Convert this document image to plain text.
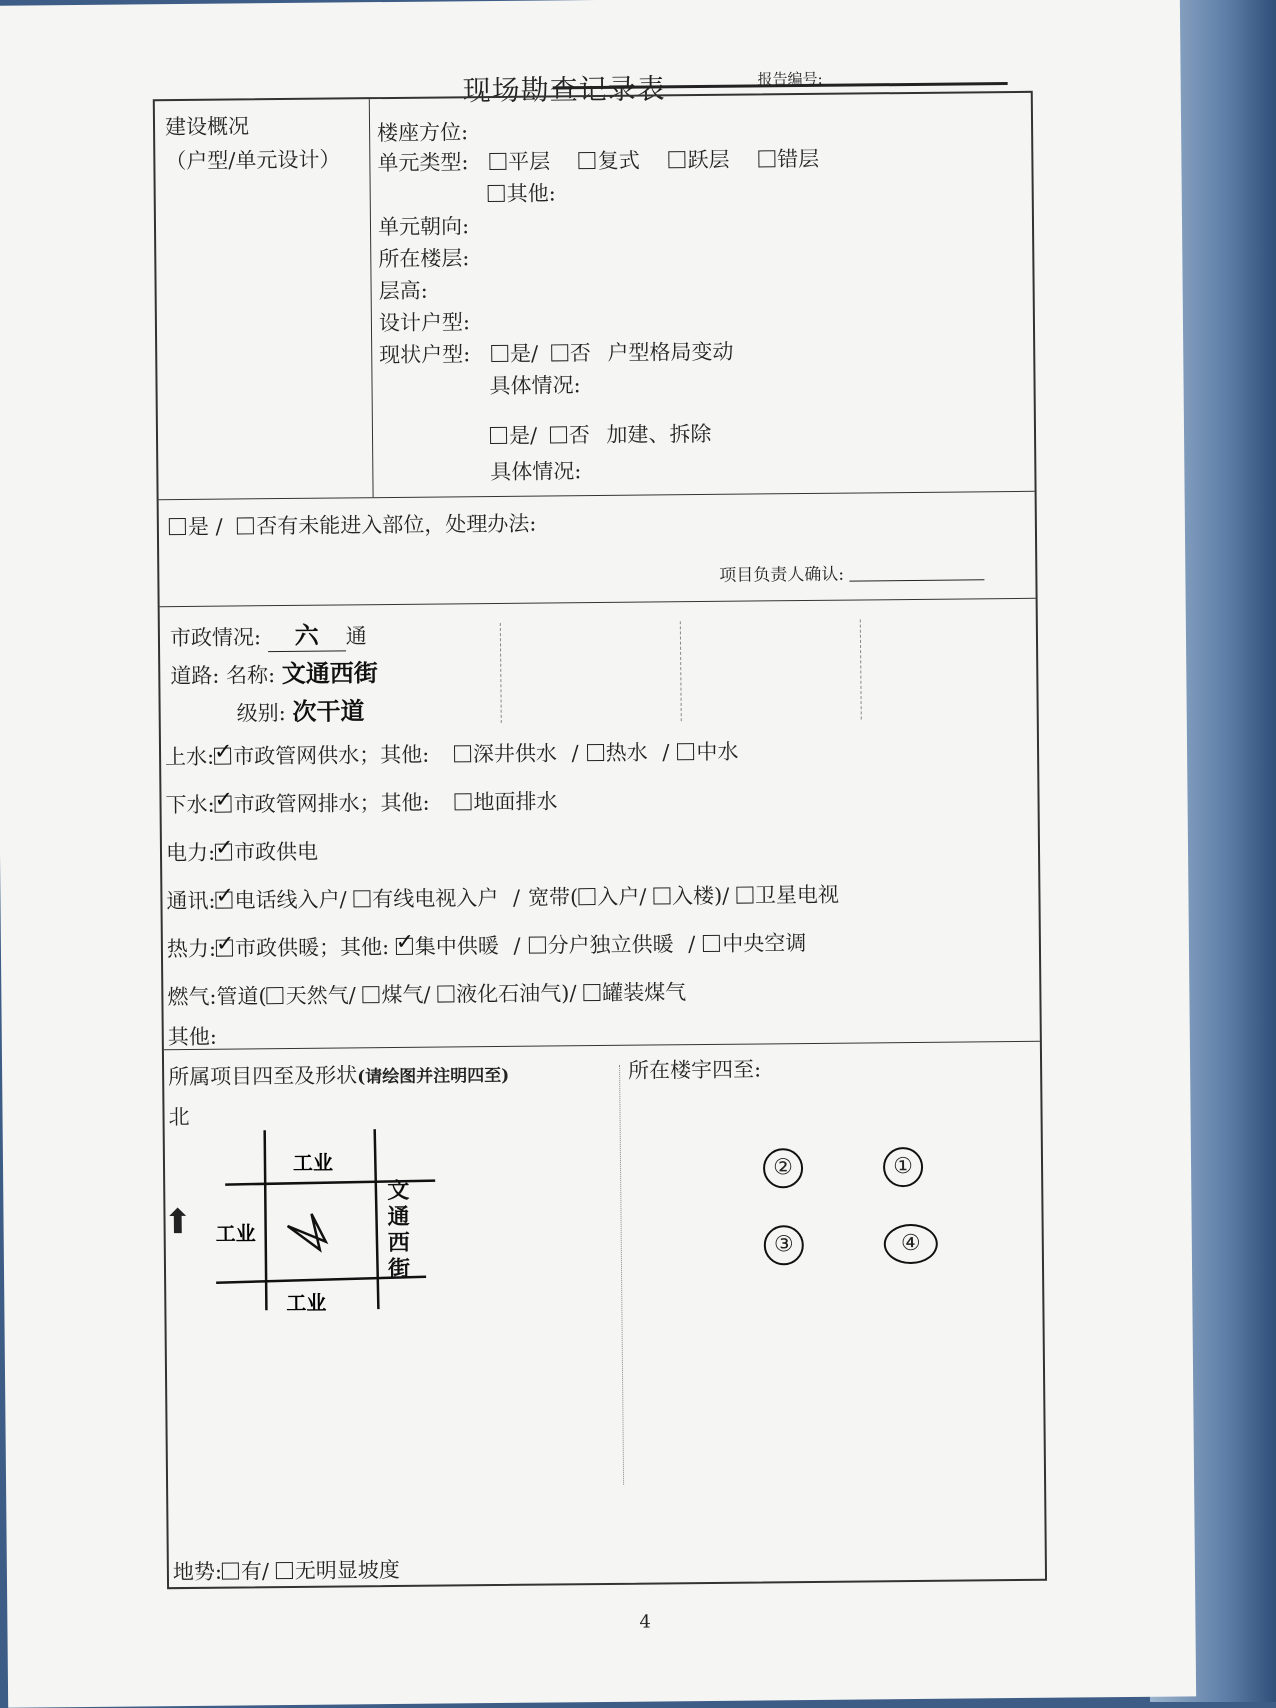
现场勘查记录表	报告编号:
建设概况
（户型/单元设计）
楼座方位:
单元类型: 平层 复式 跃层 错层
其他:
单元朝向:
所在楼层:
层高:
设计户型:
现状户型: 是/ 否 户型格局变动
具体情况:
是/ 否 加建、拆除
具体情况:
是 / 否有未能进入部位，处理办法:
项目负责人确认:
市政情况: 六 通
道路: 名称: 文通西街
级别: 次干道
上水: ✓ 市政管网供水；其他: 深井供水 / 热水 / 中水
下水: ✓ 市政管网排水；其他: 地面排水
电力: ✓ 市政供电
通讯: ✓ 电话线入户/ 有线电视入户 / 宽带( 入户/ 入楼)/ 卫星电视
热力: ✓ 市政供暖；其他: ✓ 集中供暖 / 分户独立供暖 / 中央空调
燃气:管道( 天然气/ 煤气/ 液化石油气)/ 罐装煤气
其他:
所属项目四至及形状(请绘图并注明四至)	所在楼宇四至:
北
工业
工业
工业
文通西街
②	①
③	④
地势: 有/ 无明显坡度
⬆
4
